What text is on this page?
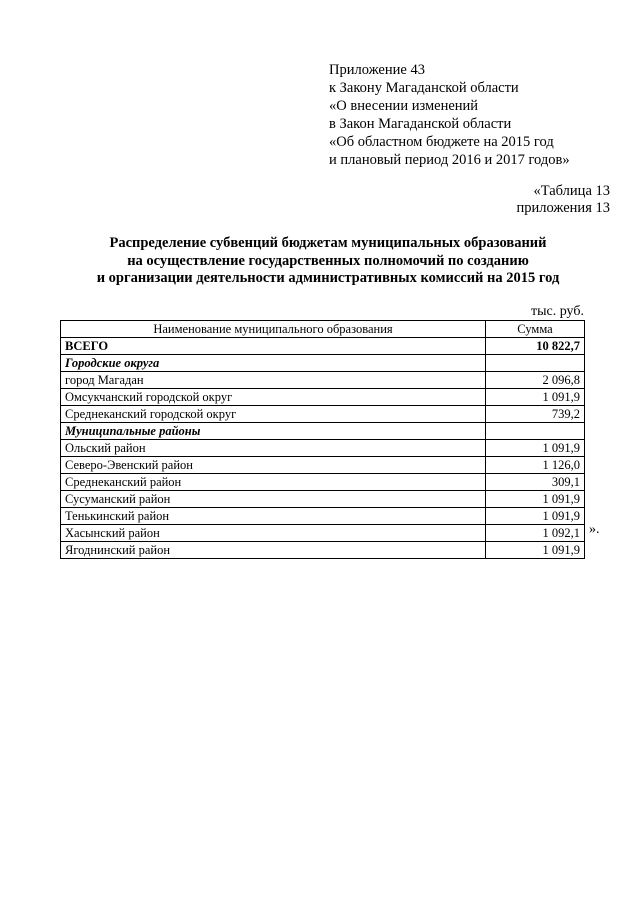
Приложение 43
к Закону Магаданской области
«О внесении изменений
в Закон Магаданской области
«Об областном бюджете на 2015 год
и плановый период 2016 и 2017 годов»
«Таблица 13
приложения 13
Распределение субвенций бюджетам муниципальных образований
на осуществление государственных полномочий по созданию
и организации деятельности административных комиссий на 2015 год
тыс. руб.
Наименование муниципального образования	Сумма
ВСЕГО	10 822,7
Городские округа	
город Магадан	2 096,8
Омсукчанский городской округ	1 091,9
Среднеканский городской округ	739,2
Муниципальные районы	
Ольский район	1 091,9
Северо-Эвенский район	1 126,0
Среднеканский район	309,1
Сусуманский район	1 091,9
Тенькинский район	1 091,9
Хасынский район	1 092,1
Ягоднинский район	1 091,9
».
